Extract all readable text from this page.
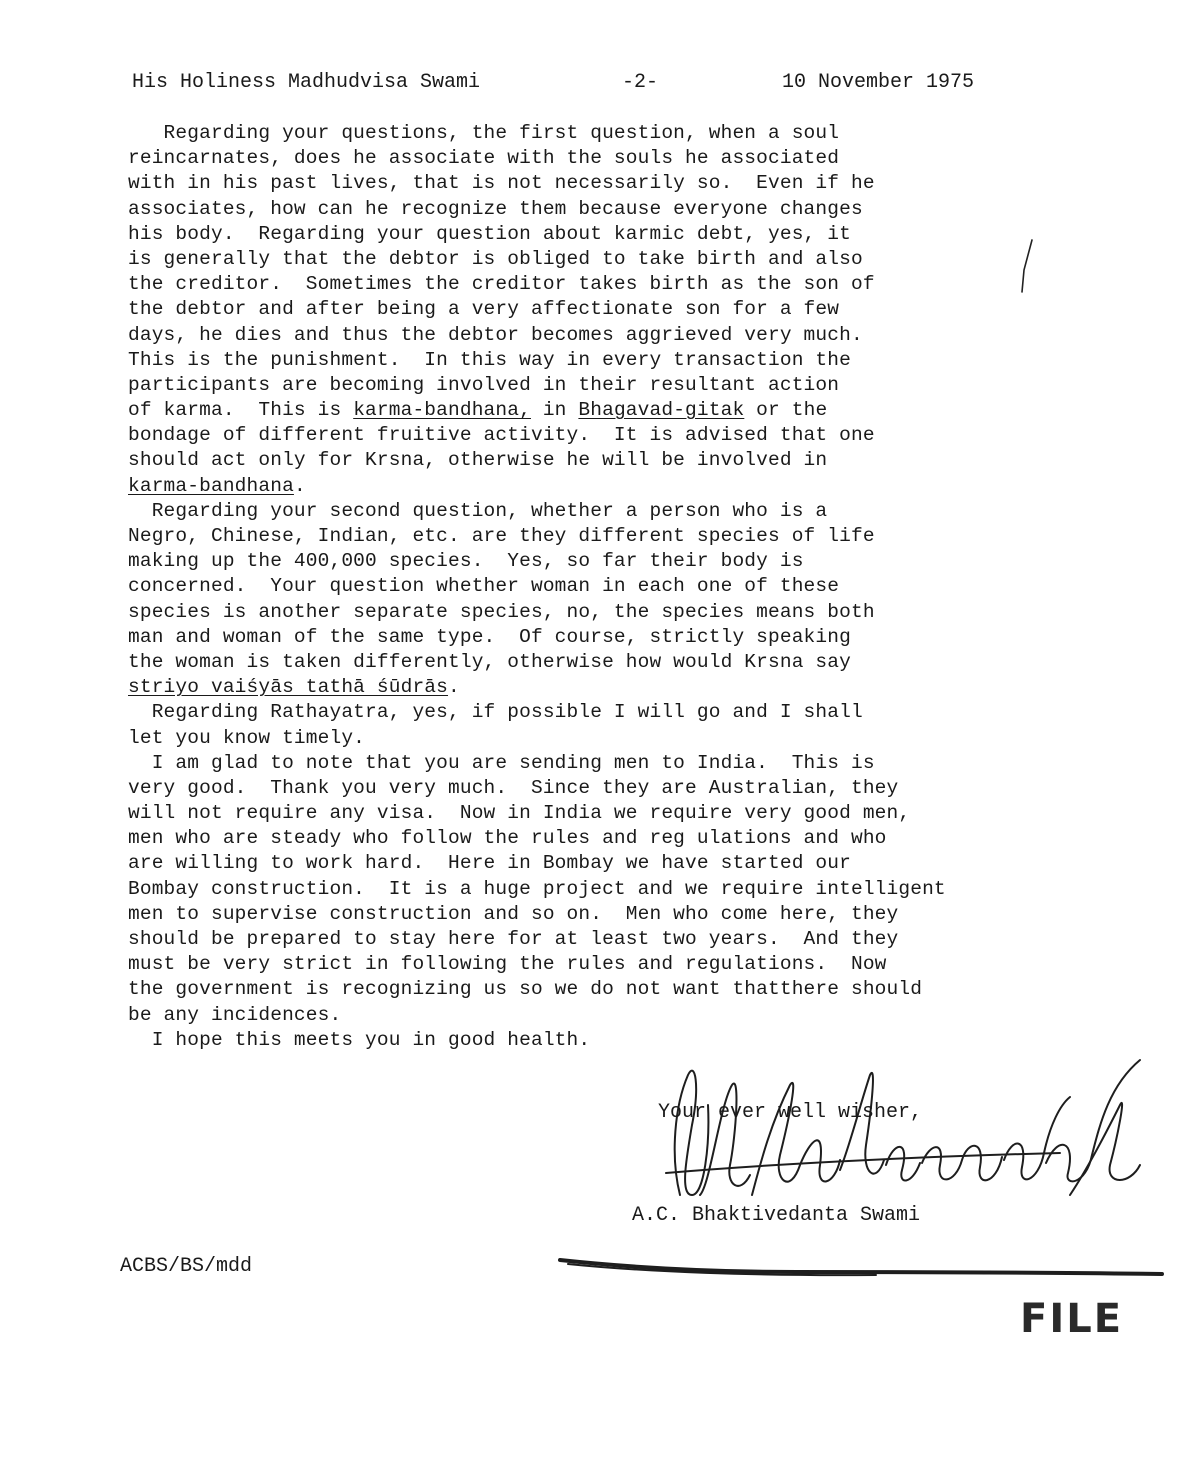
His Holiness Madhudvisa Swami	-2-	10 November 1975
Regarding your questions, the first question, when a soul
reincarnates, does he associate with the souls he associated
with in his past lives, that is not necessarily so.  Even if he
associates, how can he recognize them because everyone changes
his body.  Regarding your question about karmic debt, yes, it
is generally that the debtor is obliged to take birth and also
the creditor.  Sometimes the creditor takes birth as the son of
the debtor and after being a very affectionate son for a few
days, he dies and thus the debtor becomes aggrieved very much.
This is the punishment.  In this way in every transaction the
participants are becoming involved in their resultant action
of karma.  This is karma-bandhana, in Bhagavad-gitak or the
bondage of different fruitive activity.  It is advised that one
should act only for Krsna, otherwise he will be involved in
karma-bandhana.
Regarding your second question, whether a person who is a
Negro, Chinese, Indian, etc. are they different species of life
making up the 400,000 species.  Yes, so far their body is
concerned.  Your question whether woman in each one of these
species is another separate species, no, the species means both
man and woman of the same type.  Of course, strictly speaking
the woman is taken differently, otherwise how would Krsna say
striyo vaiśyās tathā śūdrās.
Regarding Rathayatra, yes, if possible I will go and I shall
let you know timely.
I am glad to note that you are sending men to India.  This is
very good.  Thank you very much.  Since they are Australian, they
will not require any visa.  Now in India we require very good men,
men who are steady who follow the rules and reg ulations and who
are willing to work hard.  Here in Bombay we have started our
Bombay construction.  It is a huge project and we require intelligent
men to supervise construction and so on.  Men who come here, they
should be prepared to stay here for at least two years.  And they
must be very strict in following the rules and regulations.  Now
the government is recognizing us so we do not want thatthere should
be any incidences.
I hope this meets you in good health.
Your ever well wisher,
A.C. Bhaktivedanta Swami
ACBS/BS/mdd
FILE
